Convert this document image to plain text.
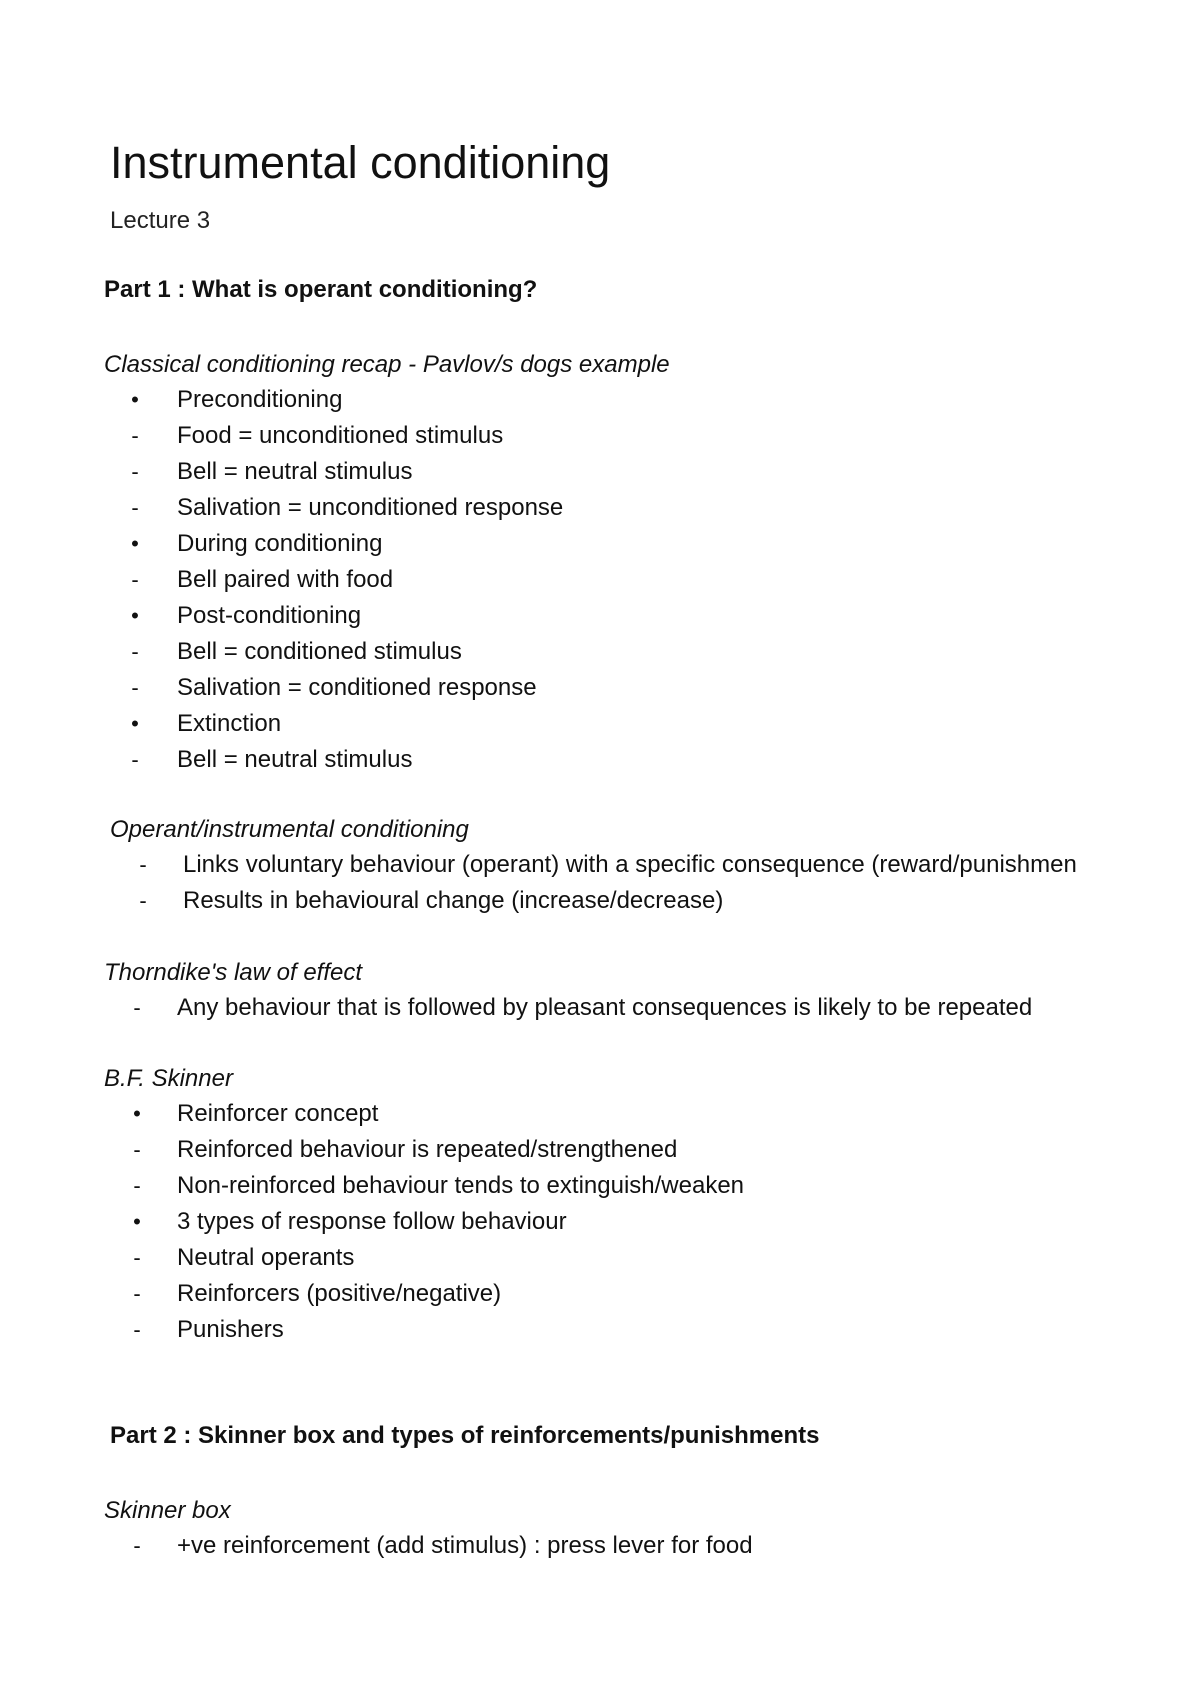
Instrumental conditioning
Lecture 3
Part 1 : What is operant conditioning?
Classical conditioning recap - Pavlov/s dogs example
• Preconditioning
- Food = unconditioned stimulus
- Bell = neutral stimulus
- Salivation = unconditioned response
• During conditioning
- Bell paired with food
• Post-conditioning
- Bell = conditioned stimulus
- Salivation = conditioned response
• Extinction
- Bell = neutral stimulus
Operant/instrumental conditioning
- Links voluntary behaviour (operant) with a specific consequence (reward/punishmen
- Results in behavioural change (increase/decrease)
Thorndike's law of effect
- Any behaviour that is followed by pleasant consequences is likely to be repeated
B.F. Skinner
• Reinforcer concept
- Reinforced behaviour is repeated/strengthened
- Non-reinforced behaviour tends to extinguish/weaken
• 3 types of response follow behaviour
- Neutral operants
- Reinforcers (positive/negative)
- Punishers
Part 2 : Skinner box and types of reinforcements/punishments
Skinner box
- +ve reinforcement (add stimulus) : press lever for food
